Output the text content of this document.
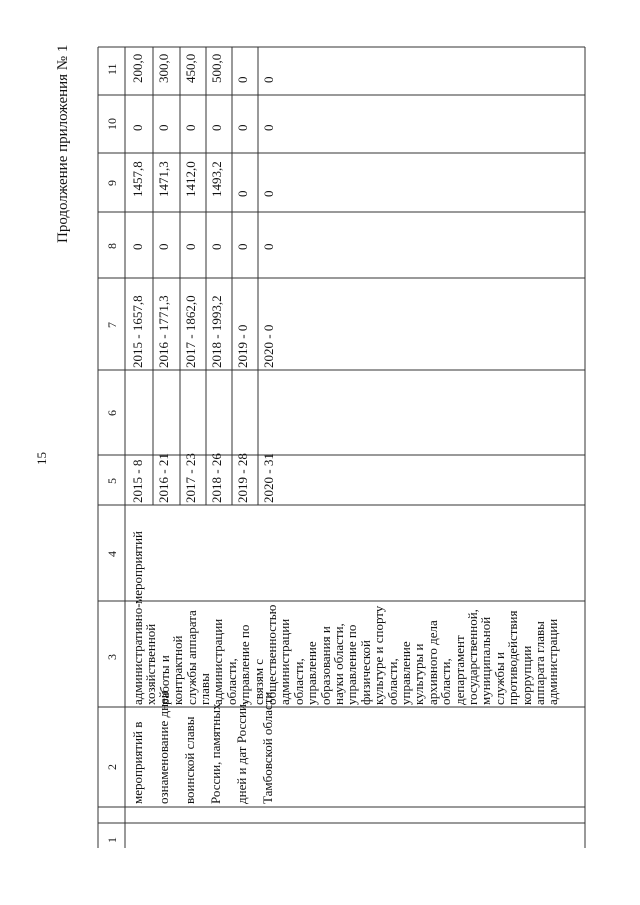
15
Продолжение приложения № 1
1
2
3
4
5
6
7
8
9
10
11
мероприятий в ознаменование дней воинской славы России, памятных дней и дат России, Тамбовской области
административно-
хозяйственной
работы и
контрактной
службы аппарата
главы
администрации
области,
управление по
связям с
общественностью
администрации
области,
управление
образования и
науки области,
управление по
физической
культуре и спорту
области,
управление
культуры и
архивного дела
области,
департамент
государственной,
муниципальной
службы и
противодействия
коррупции
аппарата главы
администрации
мероприятий
2015 - 8
2015 - 1657,8
0
1457,8
0
200,0
2016 - 21
2016 - 1771,3
0
1471,3
0
300,0
2017 - 23
2017 - 1862,0
0
1412,0
0
450,0
2018 - 26
2018 - 1993,2
0
1493,2
0
500,0
2019 - 28
2019 - 0
0
0
0
0
2020 - 31
2020 - 0
0
0
0
0
